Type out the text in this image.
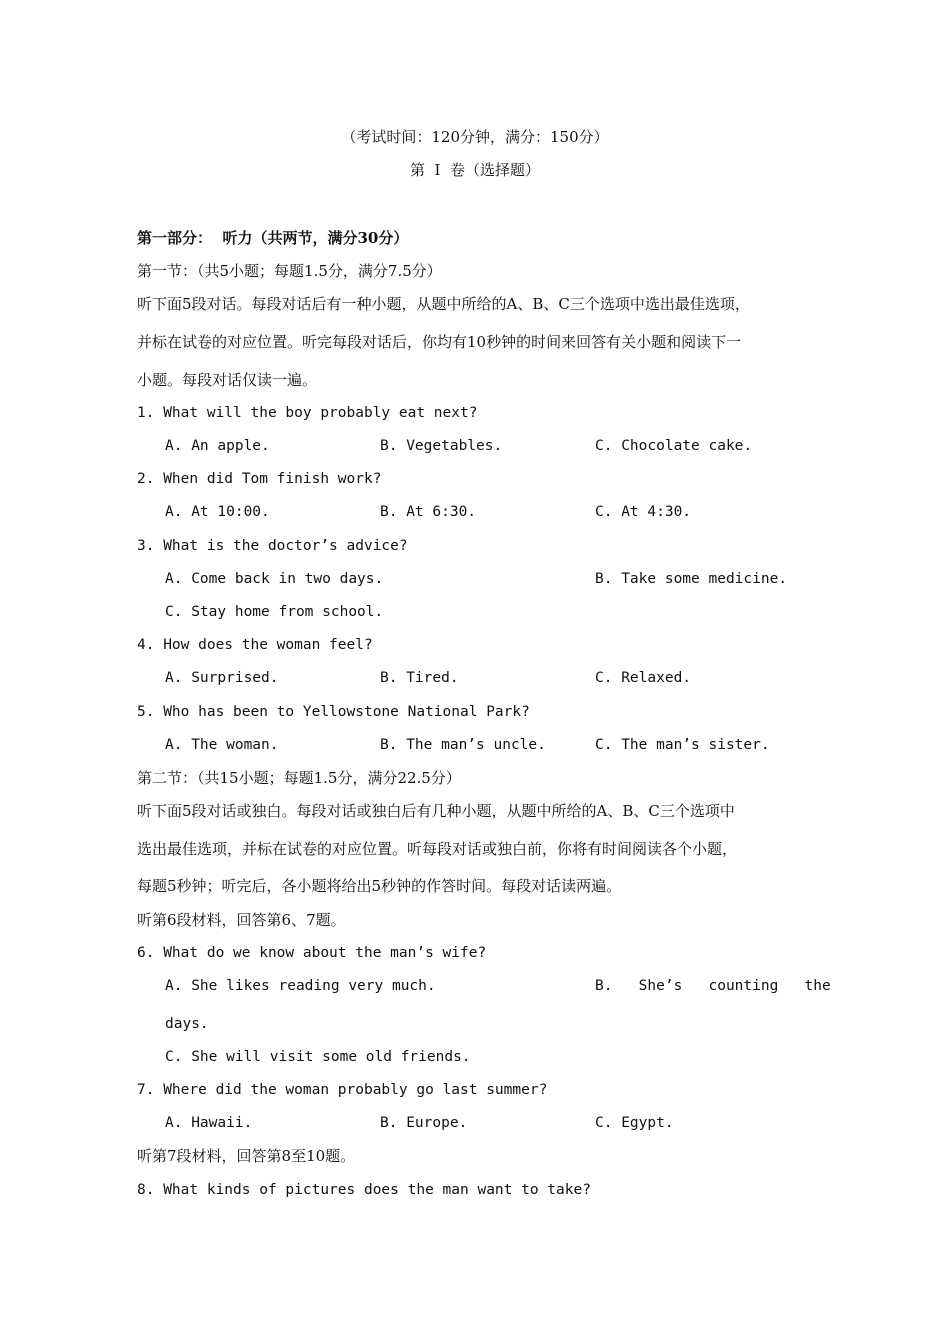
（考试时间：120分钟，满分：150分）
第  I  卷（选择题）
第一部分：  听力（共两节，满分30分）
第一节：（共5小题；每题1.5分，满分7.5分）
听下面5段对话。每段对话后有一种小题，从题中所给的A、B、C三个选项中选出最佳选项，
并标在试卷的对应位置。听完每段对话后，你均有10秒钟的时间来回答有关小题和阅读下一
小题。每段对话仅读一遍。
1. What will the boy probably eat next?
A. An apple.	B. Vegetables.	C. Chocolate cake.
2. When did Tom finish work?
A. At 10:00.	B. At 6:30.	C. At 4:30.
3. What is the doctor’s advice?
A. Come back in two days.	B. Take some medicine.
C. Stay home from school.
4. How does the woman feel?
A. Surprised.	B. Tired.	C. Relaxed.
5. Who has been to Yellowstone National Park?
A. The woman.	B. The man’s uncle.	C. The man’s sister.
第二节：（共15小题；每题1.5分，满分22.5分）
听下面5段对话或独白。每段对话或独白后有几种小题，从题中所给的A、B、C三个选项中
选出最佳选项，并标在试卷的对应位置。听每段对话或独白前，你将有时间阅读各个小题，
每题5秒钟；听完后，各小题将给出5秒钟的作答时间。每段对话读两遍。
听第6段材料，回答第6、7题。
6. What do we know about the man’s wife?
A. She likes reading very much.	B.   She’s   counting   the
days.
C. She will visit some old friends.
7. Where did the woman probably go last summer?
A. Hawaii.	B. Europe.	C. Egypt.
听第7段材料，回答第8至10题。
8. What kinds of pictures does the man want to take?
